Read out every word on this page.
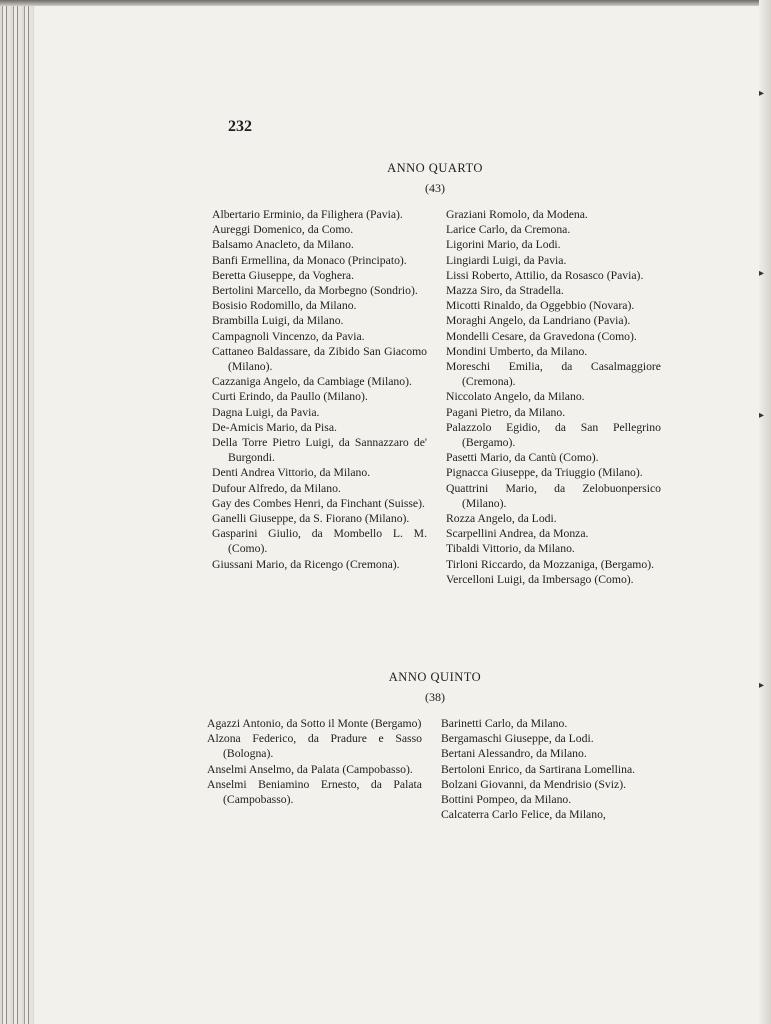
▸
▸
▸
▸
232
ANNO QUARTO
(43)

Albertario Erminio, da Filighera (Pavia).

Aureggi Domenico, da Como.

Balsamo Anacleto, da Milano.

Banfi Ermellina, da Monaco (Principato).

Beretta Giuseppe, da Voghera.

Bertolini Marcello, da Morbegno (Sondrio).

Bosisio Rodomillo, da Milano.

Brambilla Luigi, da Milano.

Campagnoli Vincenzo, da Pavia.

Cattaneo Baldassare, da Zibido San Giacomo (Milano).

Cazzaniga Angelo, da Cambiage (Milano).

Curti Erindo, da Paullo (Milano).

Dagna Luigi, da Pavia.

De-Amicis Mario, da Pisa.

Della Torre Pietro Luigi, da Sannazzaro de' Burgondi.

Denti Andrea Vittorio, da Milano.

Dufour Alfredo, da Milano.

Gay des Combes Henri, da Finchant (Suisse).

Ganelli Giuseppe, da S. Fiorano (Milano).

Gasparini Giulio, da Mombello L. M. (Como).

Giussani Mario, da Ricengo (Cremona).

Graziani Romolo, da Modena.

Larice Carlo, da Cremona.

Ligorini Mario, da Lodi.

Lingiardi Luigi, da Pavia.

Lissi Roberto, Attilio, da Rosasco (Pavia).

Mazza Siro, da Stradella.

Micotti Rinaldo, da Oggebbio (Novara).

Moraghi Angelo, da Landriano (Pavia).

Mondelli Cesare, da Gravedona (Como).

Mondini Umberto, da Milano.

Moreschi Emilia, da Casalmaggiore (Cremona).

Niccolato Angelo, da Milano.

Pagani Pietro, da Milano.

Palazzolo Egidio, da San Pellegrino (Bergamo).

Pasetti Mario, da Cantù (Como).

Pignacca Giuseppe, da Triuggio (Milano).

Quattrini Mario, da Zelobuonpersico (Milano).

Rozza Angelo, da Lodi.

Scarpellini Andrea, da Monza.

Tibaldi Vittorio, da Milano.

Tirloni Riccardo, da Mozzaniga, (Bergamo).

Vercelloni Luigi, da Imbersago (Como).

ANNO QUINTO
(38)

Agazzi Antonio, da Sotto il Monte (Bergamo)

Alzona Federico, da Pradure e Sasso (Bologna).

Anselmi Anselmo, da Palata (Campobasso).

Anselmi Beniamino Ernesto, da Palata (Campobasso).

Barinetti Carlo, da Milano.

Bergamaschi Giuseppe, da Lodi.

Bertani Alessandro, da Milano.

Bertoloni Enrico, da Sartirana Lomellina.

Bolzani Giovanni, da Mendrisio (Sviz).

Bottini Pompeo, da Milano.

Calcaterra Carlo Felice, da Milano,
